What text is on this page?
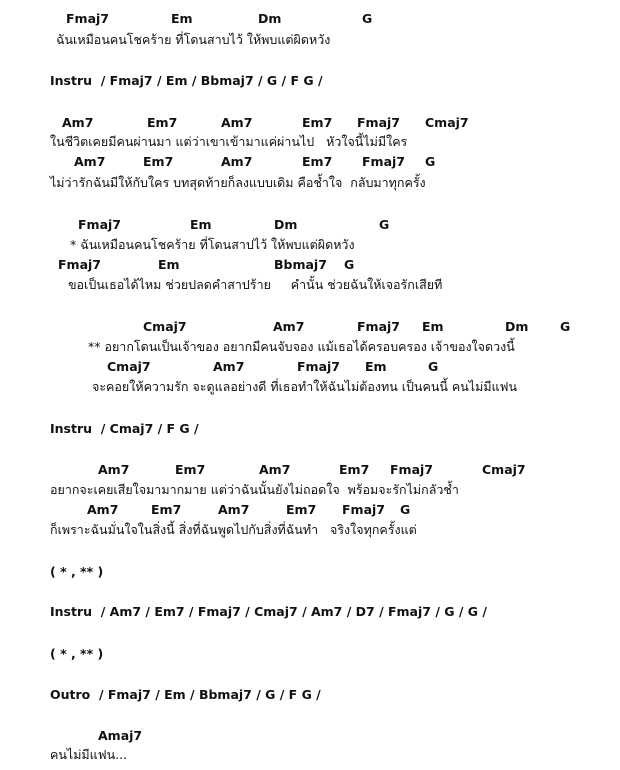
Fmaj7	Em	Dm	G
ฉันเหมือนคนโชคร้าย ที่โดนสาบไว้ ให้พบแต่ผิดหวัง
Instru  / Fmaj7 / Em / Bbmaj7 / G / F G /
Am7	Em7	Am7	Em7 Fmaj7 Cmaj7
ในชีวิตเคยมีคนผ่านมา แต่ว่าเขาเข้ามาแค่ผ่านไป   หัวใจนี้ไม่มีใคร
Am7	Em7	Am7	Em7 Fmaj7 G
ไม่ว่ารักฉันมีให้กับใคร บทสุดท้ายก็ลงแบบเดิม คือช้ำใจ  กลับมาทุกครั้ง
Fmaj7	Em	Dm	G
* ฉันเหมือนคนโชคร้าย ที่โดนสาปไว้ ให้พบแต่ผิดหวัง
Fmaj7	Em	Bbmaj7 G
ขอเป็นเธอได้ไหม ช่วยปลดคำสาปร้าย     คำนั้น ช่วยฉันให้เจอรักเสียที
Cmaj7	Am7	Fmaj7 Em	Dm	G
** อยากโดนเป็นเจ้าของ อยากมีคนจับจอง แม้เธอได้ครอบครอง เจ้าของใจดวงนี้
Cmaj7	Am7	Fmaj7 Em	G
จะคอยให้ความรัก จะดูแลอย่างดี ที่เธอทำให้ฉันไม่ต้องทน เป็นคนนี้ คนไม่มีแฟน
Instru  / Cmaj7 / F G /
Am7	Em7	Am7	Em7 Fmaj7	Cmaj7
อยากจะเคยเสียใจมามากมาย แต่ว่าฉันนั้นยังไม่ถอดใจ  พร้อมจะรักไม่กลัวช้ำ
Am7	Em7	Am7	Em7 Fmaj7 G
ก็เพราะฉันมั่นใจในสิ่งนี้ สิ่งที่ฉันพูดไปกับสิ่งที่ฉันทำ   จริงใจทุกครั้งแต่
( * , ** )
Instru  / Am7 / Em7 / Fmaj7 / Cmaj7 / Am7 / D7 / Fmaj7 / G / G /
( * , ** )
Outro  / Fmaj7 / Em / Bbmaj7 / G / F G /
Amaj7
คนไม่มีแฟน...
